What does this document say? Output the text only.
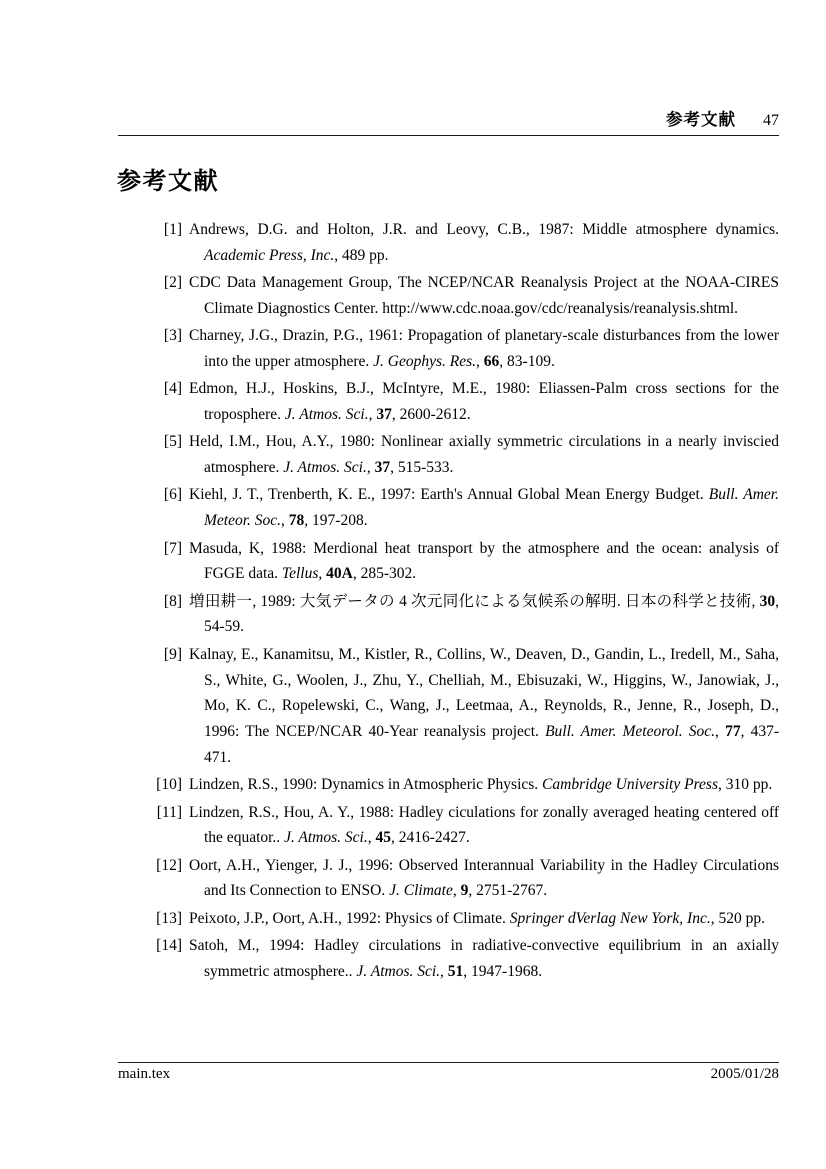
参考文献 47
参考文献
[1] Andrews, D.G. and Holton, J.R. and Leovy, C.B., 1987: Middle atmosphere dynamics. Academic Press, Inc., 489 pp.
[2] CDC Data Management Group, The NCEP/NCAR Reanalysis Project at the NOAA-CIRES Climate Diagnostics Center. http://www.cdc.noaa.gov/cdc/reanalysis/reanalysis.shtml.
[3] Charney, J.G., Drazin, P.G., 1961: Propagation of planetary-scale disturbances from the lower into the upper atmosphere. J. Geophys. Res., 66, 83-109.
[4] Edmon, H.J., Hoskins, B.J., McIntyre, M.E., 1980: Eliassen-Palm cross sections for the troposphere. J. Atmos. Sci., 37, 2600-2612.
[5] Held, I.M., Hou, A.Y., 1980: Nonlinear axially symmetric circulations in a nearly inviscied atmosphere. J. Atmos. Sci., 37, 515-533.
[6] Kiehl, J. T., Trenberth, K. E., 1997: Earth's Annual Global Mean Energy Budget. Bull. Amer. Meteor. Soc., 78, 197-208.
[7] Masuda, K, 1988: Merdional heat transport by the atmosphere and the ocean: analysis of FGGE data. Tellus, 40A, 285-302.
[8] 増田耕一, 1989: 大気データの 4 次元同化による気候系の解明. 日本の科学と技術, 30, 54-59.
[9] Kalnay, E., Kanamitsu, M., Kistler, R., Collins, W., Deaven, D., Gandin, L., Iredell, M., Saha, S., White, G., Woolen, J., Zhu, Y., Chelliah, M., Ebisuzaki, W., Higgins, W., Janowiak, J., Mo, K. C., Ropelewski, C., Wang, J., Leetmaa, A., Reynolds, R., Jenne, R., Joseph, D., 1996: The NCEP/NCAR 40-Year reanalysis project. Bull. Amer. Meteorol. Soc., 77, 437-471.
[10] Lindzen, R.S., 1990: Dynamics in Atmospheric Physics. Cambridge University Press, 310 pp.
[11] Lindzen, R.S., Hou, A. Y., 1988: Hadley ciculations for zonally averaged heating centered off the equator.. J. Atmos. Sci., 45, 2416-2427.
[12] Oort, A.H., Yienger, J. J., 1996: Observed Interannual Variability in the Hadley Circulations and Its Connection to ENSO. J. Climate, 9, 2751-2767.
[13] Peixoto, J.P., Oort, A.H., 1992: Physics of Climate. Springer dVerlag New York, Inc., 520 pp.
[14] Satoh, M., 1994: Hadley circulations in radiative-convective equilibrium in an axially symmetric atmosphere.. J. Atmos. Sci., 51, 1947-1968.
main.tex	2005/01/28
